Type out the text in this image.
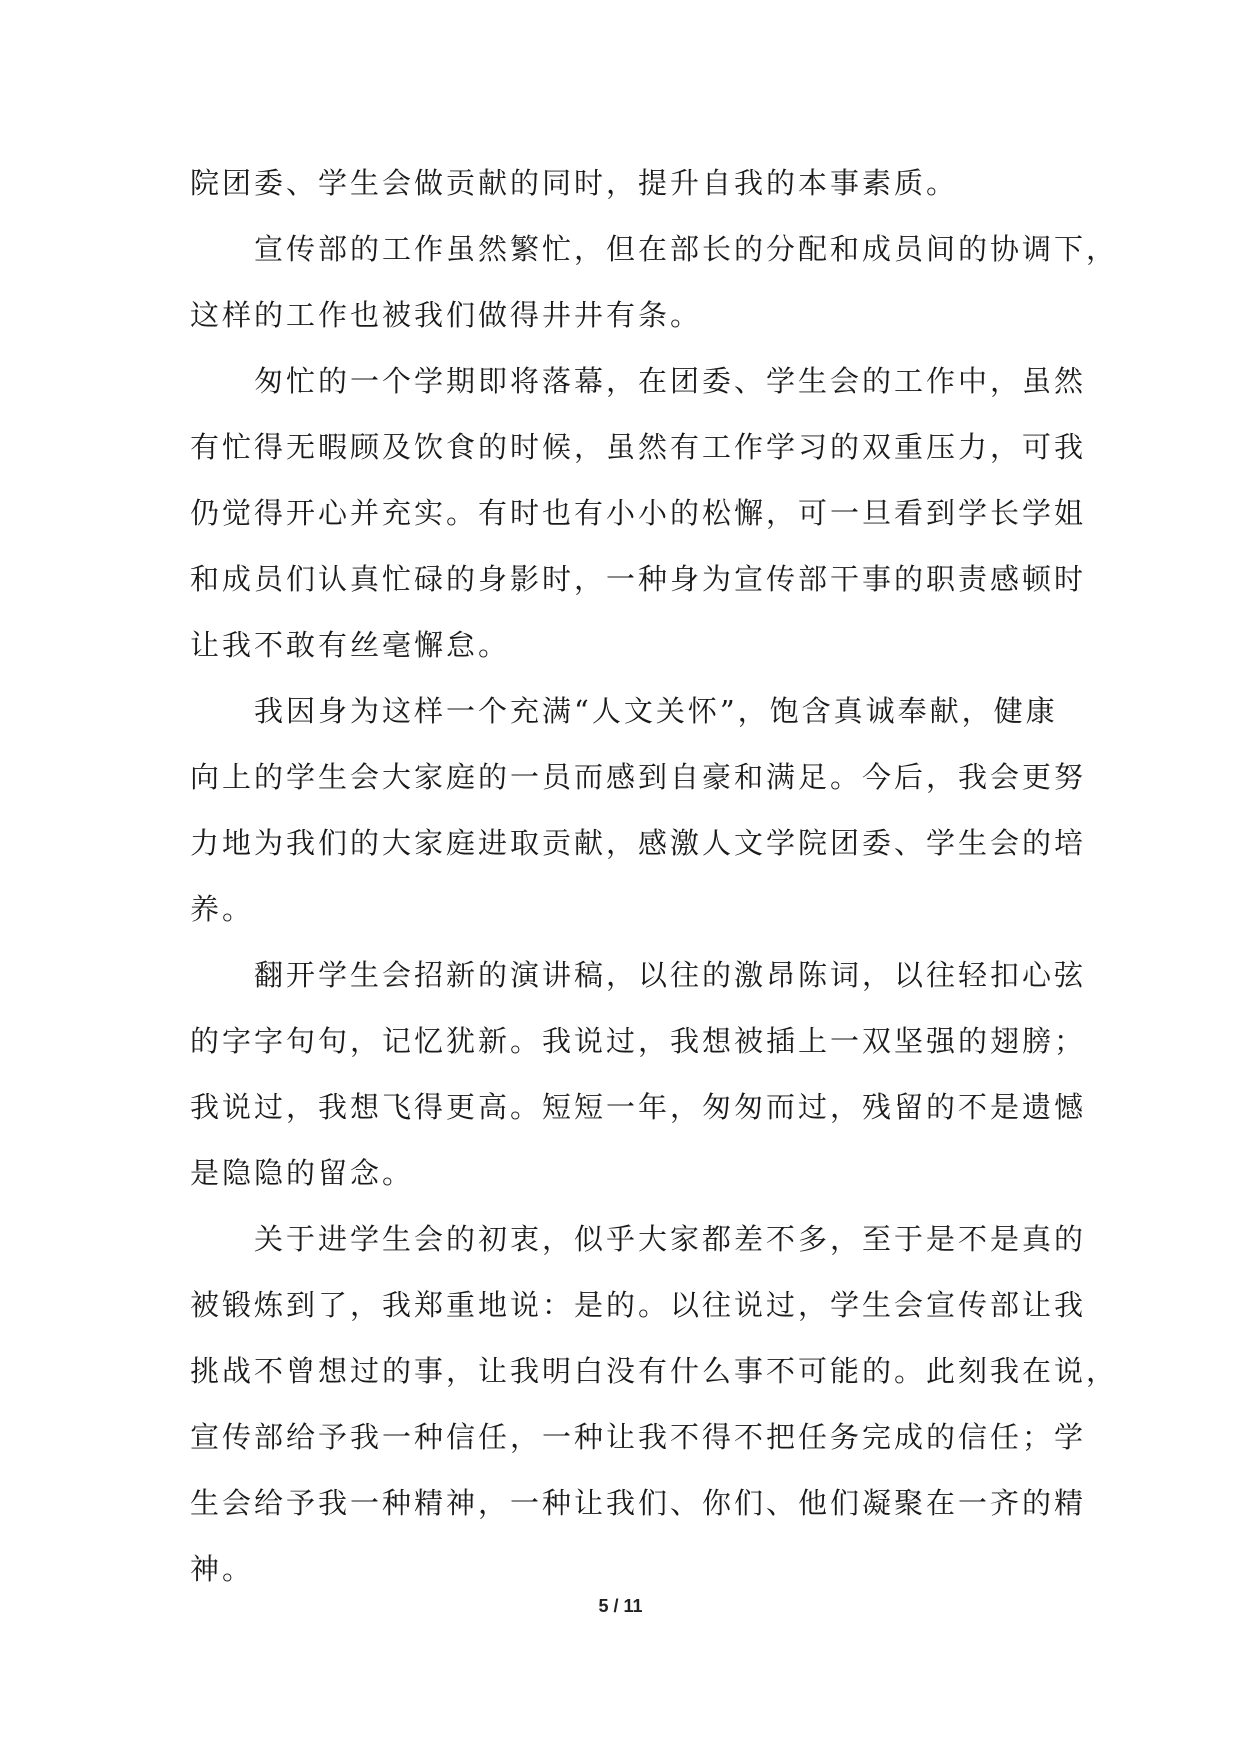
院团委、学生会做贡献的同时，提升自我的本事素质。

宣传部的工作虽然繁忙，但在部长的分配和成员间的协调下，
这样的工作也被我们做得井井有条。

匆忙的一个学期即将落幕，在团委、学生会的工作中，虽然
有忙得无暇顾及饮食的时候，虽然有工作学习的双重压力，可我
仍觉得开心并充实。有时也有小小的松懈，可一旦看到学长学姐
和成员们认真忙碌的身影时，一种身为宣传部干事的职责感顿时
让我不敢有丝毫懈怠。

我因身为这样一个充满“人文关怀”，饱含真诚奉献，健康
向上的学生会大家庭的一员而感到自豪和满足。今后，我会更努
力地为我们的大家庭进取贡献，感激人文学院团委、学生会的培
养。

翻开学生会招新的演讲稿，以往的激昂陈词，以往轻扣心弦
的字字句句，记忆犹新。我说过，我想被插上一双坚强的翅膀；
我说过，我想飞得更高。短短一年，匆匆而过，残留的不是遗憾
是隐隐的留念。

关于进学生会的初衷，似乎大家都差不多，至于是不是真的
被锻炼到了，我郑重地说：是的。以往说过，学生会宣传部让我
挑战不曾想过的事，让我明白没有什么事不可能的。此刻我在说，
宣传部给予我一种信任，一种让我不得不把任务完成的信任；学
生会给予我一种精神，一种让我们、你们、他们凝聚在一齐的精
神。

5 / 11
